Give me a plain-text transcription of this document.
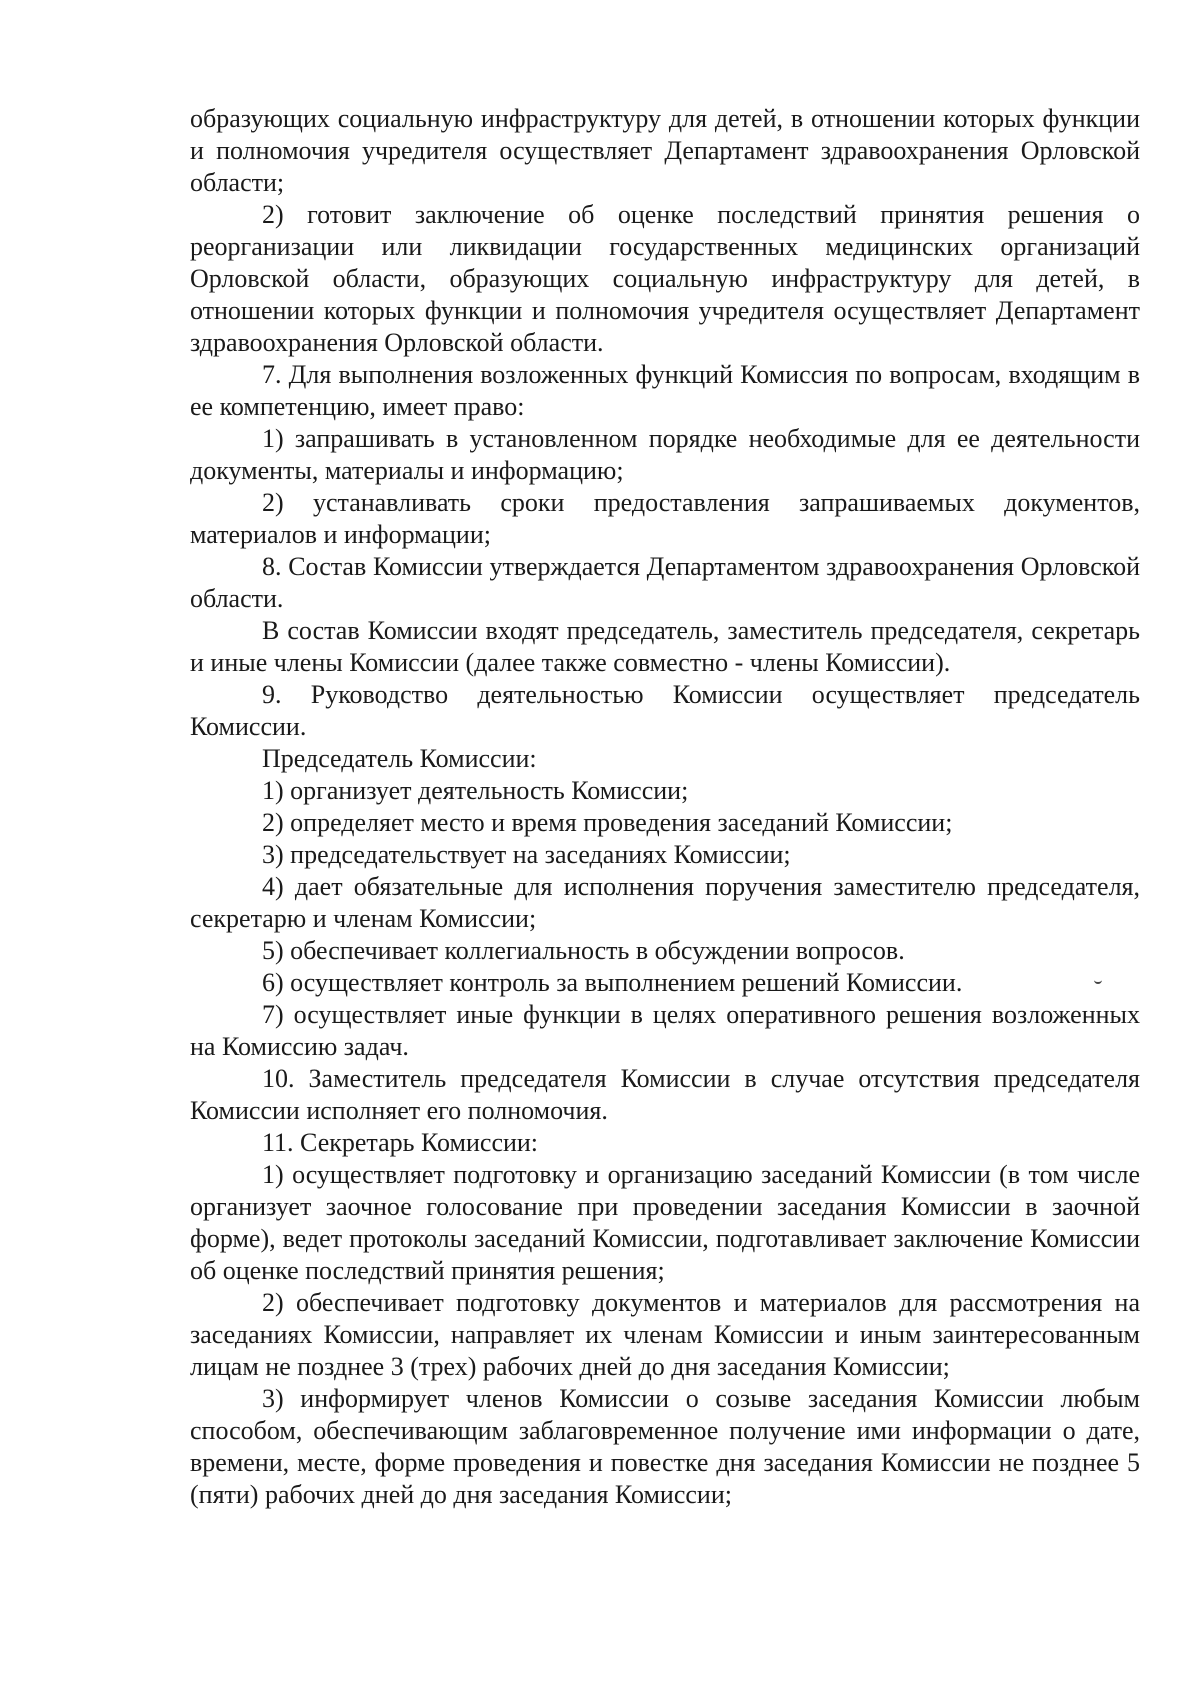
образующих социальную инфраструктуру для детей, в отношении которых функции и полномочия учредителя осуществляет Департамент здравоохранения Орловской области;

2) готовит заключение об оценке последствий принятия решения о реорганизации или ликвидации государственных медицинских организаций Орловской области, образующих социальную инфраструктуру для детей, в отношении которых функции и полномочия учредителя осуществляет Департамент здравоохранения Орловской области.

7. Для выполнения возложенных функций Комиссия по вопросам, входящим в ее компетенцию, имеет право:

1) запрашивать в установленном порядке необходимые для ее деятельности документы, материалы и информацию;

2) устанавливать сроки предоставления запрашиваемых документов, материалов и информации;

8. Состав Комиссии утверждается Департаментом здравоохранения Орловской области.

В состав Комиссии входят председатель, заместитель председателя, секретарь и иные члены Комиссии (далее также совместно - члены Комиссии).

9. Руководство деятельностью Комиссии осуществляет председатель Комиссии.

Председатель Комиссии:

1) организует деятельность Комиссии;

2) определяет место и время проведения заседаний Комиссии;

3) председательствует на заседаниях Комиссии;

4) дает обязательные для исполнения поручения заместителю председателя, секретарю и членам Комиссии;

5) обеспечивает коллегиальность в обсуждении вопросов.

6) осуществляет контроль за выполнением решений Комиссии.

7) осуществляет иные функции в целях оперативного решения возложенных на Комиссию задач.

10. Заместитель председателя Комиссии в случае отсутствия председателя Комиссии исполняет его полномочия.

11. Секретарь Комиссии:

1) осуществляет подготовку и организацию заседаний Комиссии (в том числе организует заочное голосование при проведении заседания Комиссии в заочной форме), ведет протоколы заседаний Комиссии, подготавливает заключение Комиссии об оценке последствий принятия решения;

2) обеспечивает подготовку документов и материалов для рассмотрения на заседаниях Комиссии, направляет их членам Комиссии и иным заинтересованным лицам не позднее 3 (трех) рабочих дней до дня заседания Комиссии;

3) информирует членов Комиссии о созыве заседания Комиссии любым способом, обеспечивающим заблаговременное получение ими информации о дате, времени, месте, форме проведения и повестке дня заседания Комиссии не позднее 5 (пяти) рабочих дней до дня заседания Комиссии;
